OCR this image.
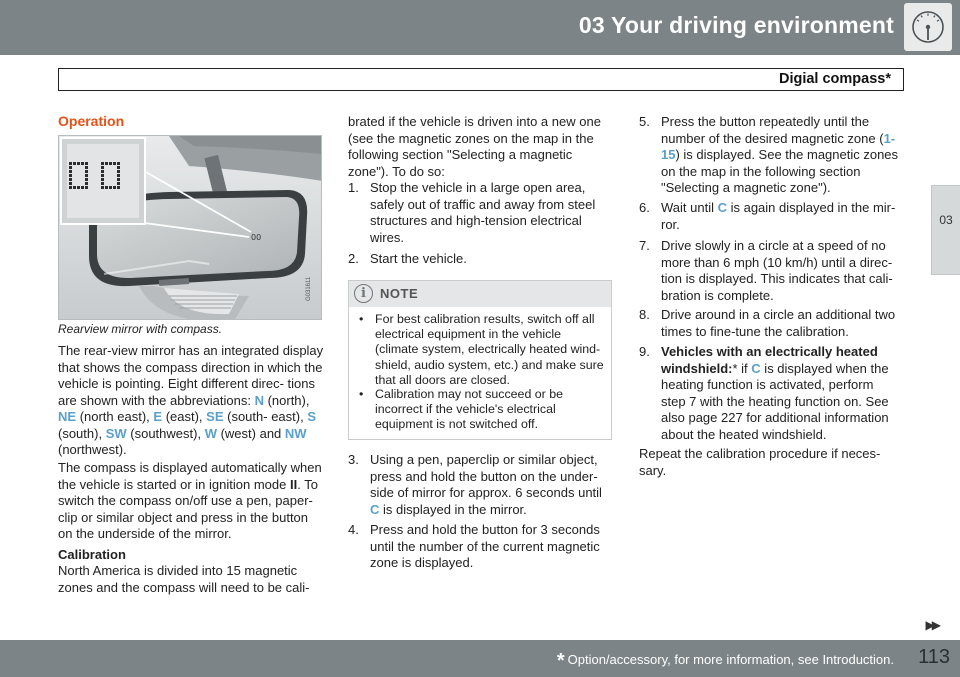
03 Your driving environment
Digial compass*
03
Operation
00
G031611
Rearview mirror with compass.

The rear-view mirror has an integrated display that shows the compass direction in which the vehicle is pointing. Eight different direc- tions are shown with the abbreviations: N (north), NE (north east), E (east), SE (south- east), S (south), SW (southwest), W (west) and NW (northwest).

The compass is displayed automatically when the vehicle is started or in ignition mode II. To switch the compass on/off use a pen, paper- clip or similar object and press in the button on the underside of the mirror.

Calibration

North America is divided into 15 magnetic zones and the compass will need to be cali-

brated if the vehicle is driven into a new one (see the magnetic zones on the map in the following section "Selecting a magnetic zone"). To do so:

1. Stop the vehicle in a large open area, safely out of traffic and away from steel structures and high-tension electrical wires.
2. Start the vehicle.
i	NOTE
• For best calibration results, switch off all electrical equipment in the vehicle (climate system, electrically heated wind- shield, audio system, etc.) and make sure that all doors are closed.
• Calibration may not succeed or be incorrect if the vehicle's electrical equipment is not switched off.
3. Using a pen, paperclip or similar object, press and hold the button on the under- side of mirror for approx. 6 seconds until C is displayed in the mirror.
4. Press and hold the button for 3 seconds until the number of the current magnetic zone is displayed.
5. Press the button repeatedly until the number of the desired magnetic zone (1-15) is displayed. See the magnetic zones on the map in the following section "Selecting a magnetic zone").
6. Wait until C is again displayed in the mir- ror.
7. Drive slowly in a circle at a speed of no more than 6 mph (10 km/h) until a direc- tion is displayed. This indicates that cali- bration is complete.
8. Drive around in a circle an additional two times to fine-tune the calibration.
9. Vehicles with an electrically heated windshield:* if C is displayed when the heating function is activated, perform step 7 with the heating function on. See also page 227 for additional information about the heated windshield.

Repeat the calibration procedure if neces- sary.

▶▶
* Option/accessory, for more information, see Introduction. 113
